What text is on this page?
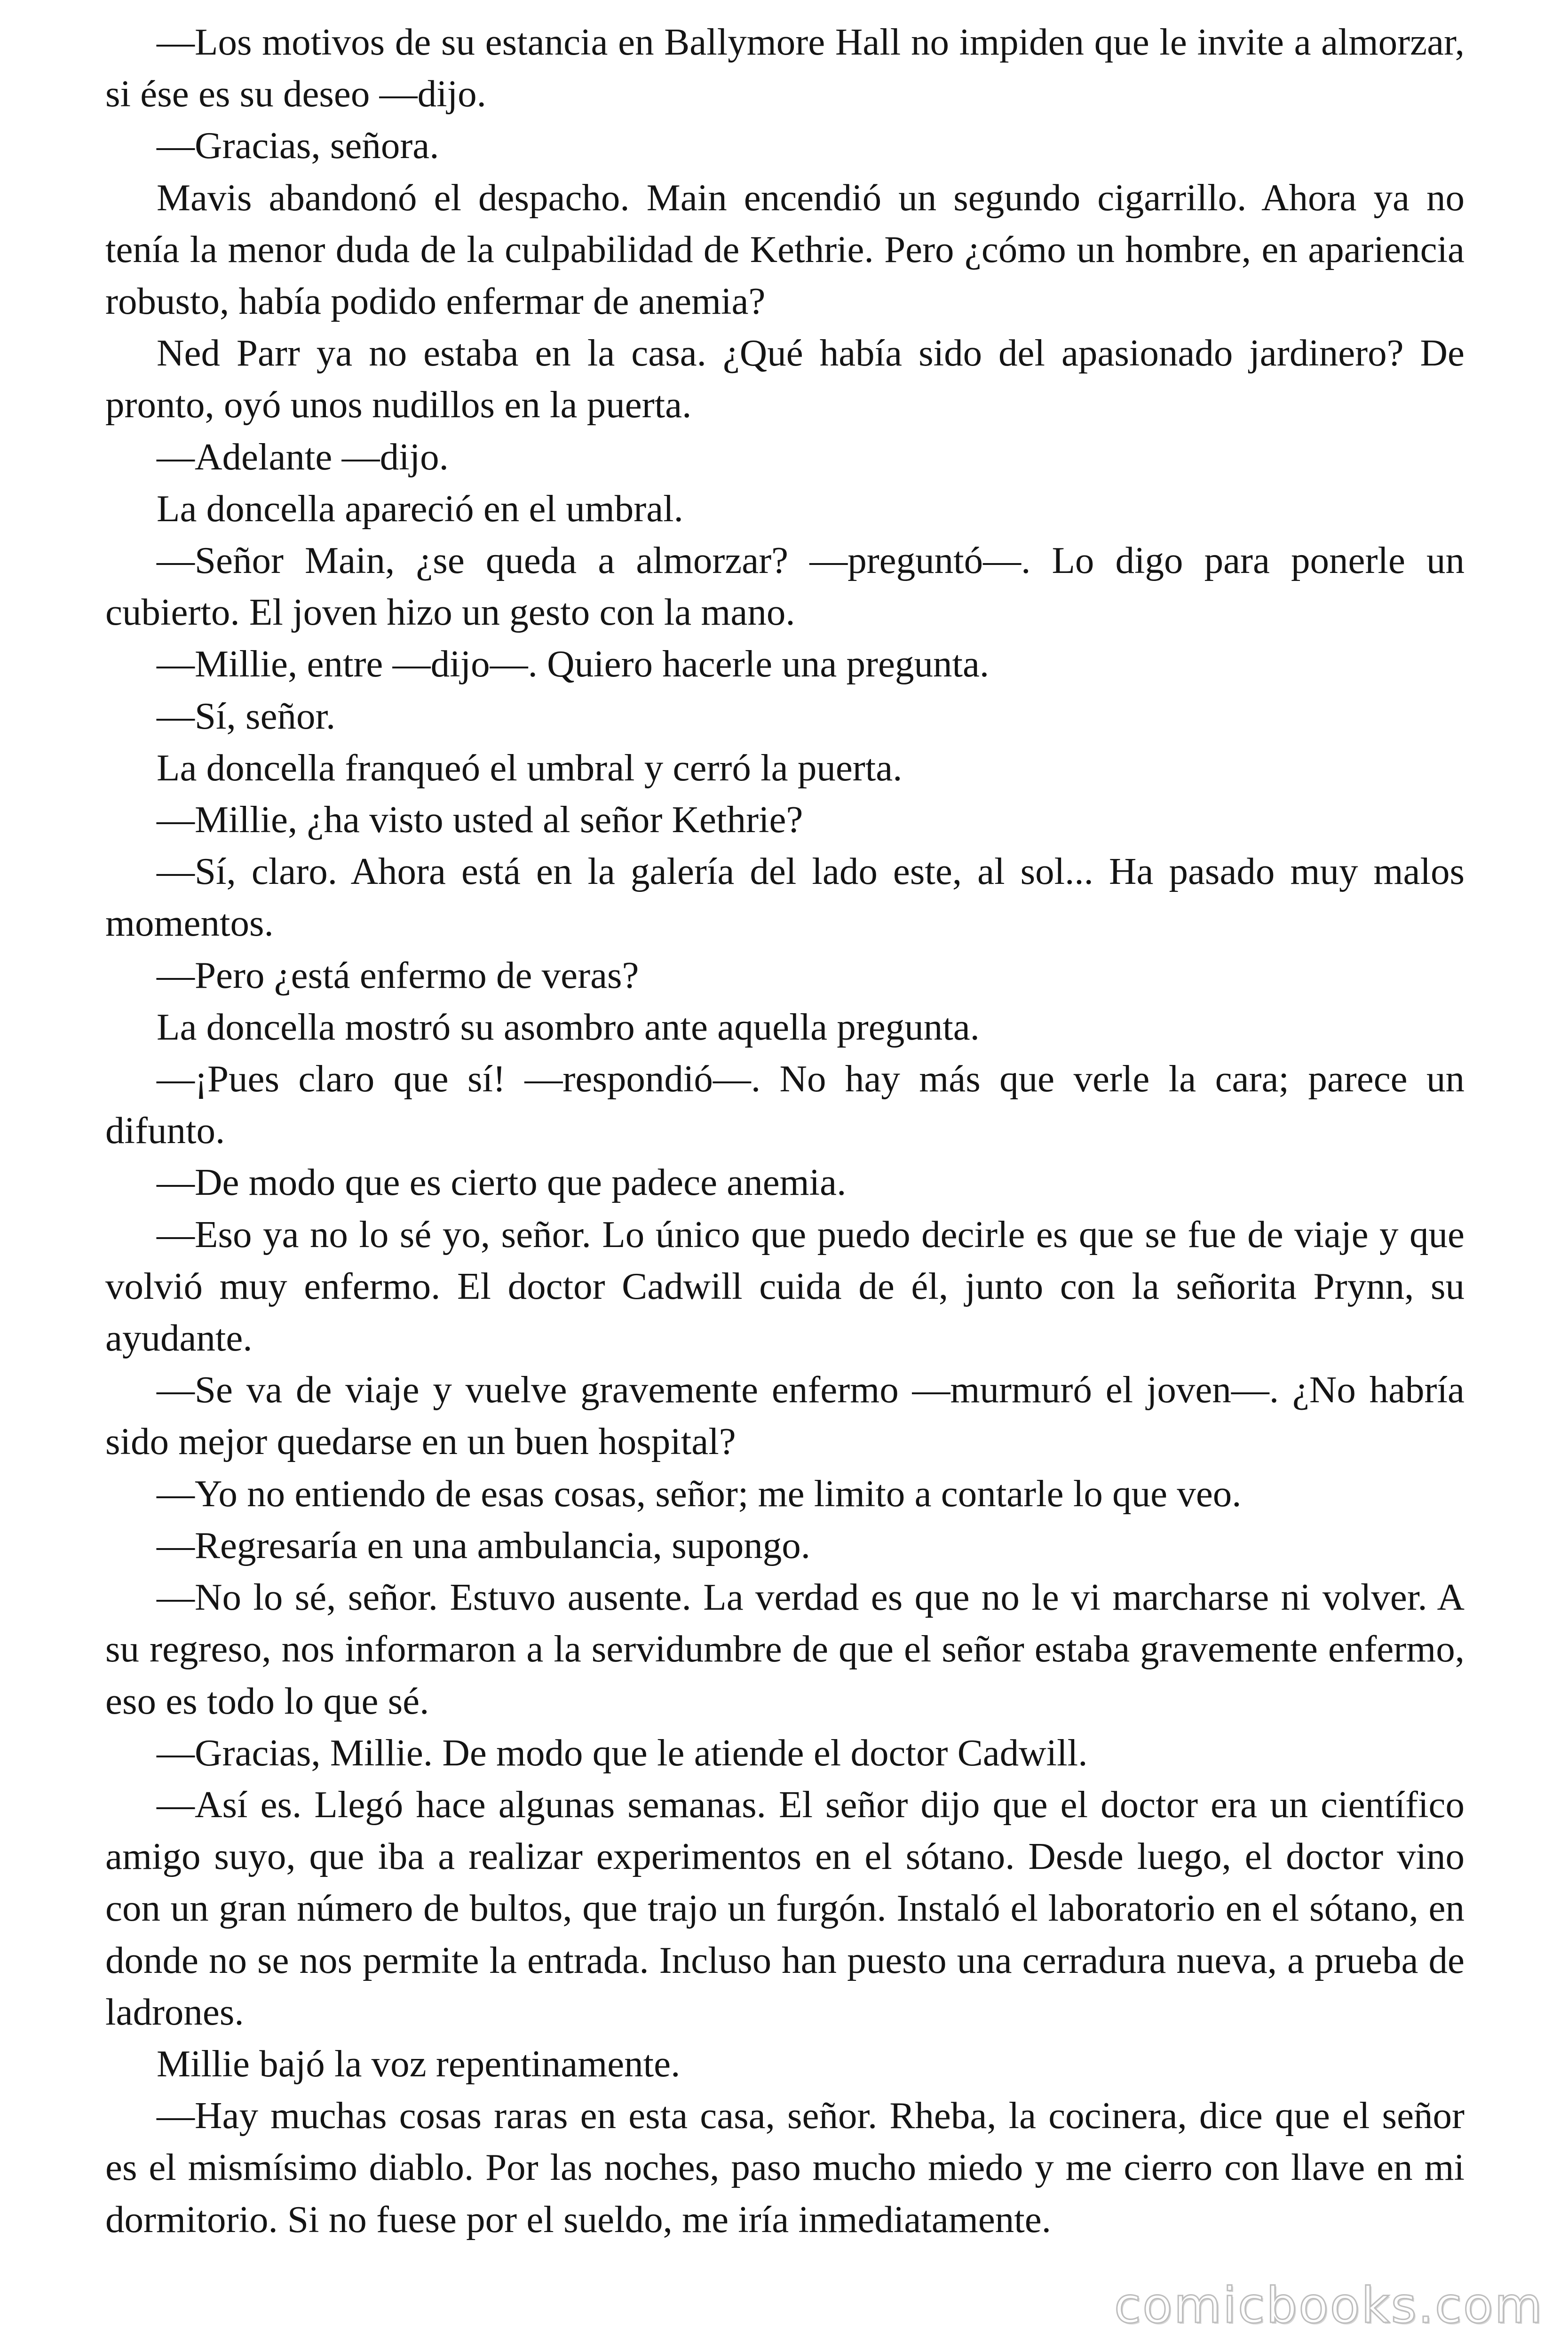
—Los motivos de su estancia en Ballymore Hall no impiden que le invite a almorzar, si ése es su deseo —dijo.

—Gracias, señora.

Mavis abandonó el despacho. Main encendió un segundo cigarrillo. Ahora ya no tenía la menor duda de la culpabilidad de Kethrie. Pero ¿cómo un hombre, en apariencia robusto, había podido enfermar de anemia?

Ned Parr ya no estaba en la casa. ¿Qué había sido del apasionado jardinero? De pronto, oyó unos nudillos en la puerta.

—Adelante —dijo.

La doncella apareció en el umbral.

—Señor Main, ¿se queda a almorzar? —preguntó—. Lo digo para ponerle un cubierto. El joven hizo un gesto con la mano.

—Millie, entre —dijo—. Quiero hacerle una pregunta.

—Sí, señor.

La doncella franqueó el umbral y cerró la puerta.

—Millie, ¿ha visto usted al señor Kethrie?

—Sí, claro. Ahora está en la galería del lado este, al sol... Ha pasado muy malos momentos.

—Pero ¿está enfermo de veras?

La doncella mostró su asombro ante aquella pregunta.

—¡Pues claro que sí! —respondió—. No hay más que verle la cara; parece un difunto.

—De modo que es cierto que padece anemia.

—Eso ya no lo sé yo, señor. Lo único que puedo decirle es que se fue de viaje y que volvió muy enfermo. El doctor Cadwill cuida de él, junto con la señorita Prynn, su ayudante.

—Se va de viaje y vuelve gravemente enfermo —murmuró el joven—. ¿No habría sido mejor quedarse en un buen hospital?

—Yo no entiendo de esas cosas, señor; me limito a contarle lo que veo.

—Regresaría en una ambulancia, supongo.

—No lo sé, señor. Estuvo ausente. La verdad es que no le vi marcharse ni volver. A su regreso, nos informaron a la servidumbre de que el señor estaba gravemente enfermo, eso es todo lo que sé.

—Gracias, Millie. De modo que le atiende el doctor Cadwill.

—Así es. Llegó hace algunas semanas. El señor dijo que el doctor era un científico amigo suyo, que iba a realizar experimentos en el sótano. Desde luego, el doctor vino con un gran número de bultos, que trajo un furgón. Instaló el laboratorio en el sótano, en donde no se nos permite la entrada. Incluso han puesto una cerradura nueva, a prueba de ladrones.

Millie bajó la voz repentinamente.

—Hay muchas cosas raras en esta casa, señor. Rheba, la cocinera, dice que el señor es el mismísimo diablo. Por las noches, paso mucho miedo y me cierro con llave en mi dormitorio. Si no fuese por el sueldo, me iría inmediatamente.

comicbooks.com
